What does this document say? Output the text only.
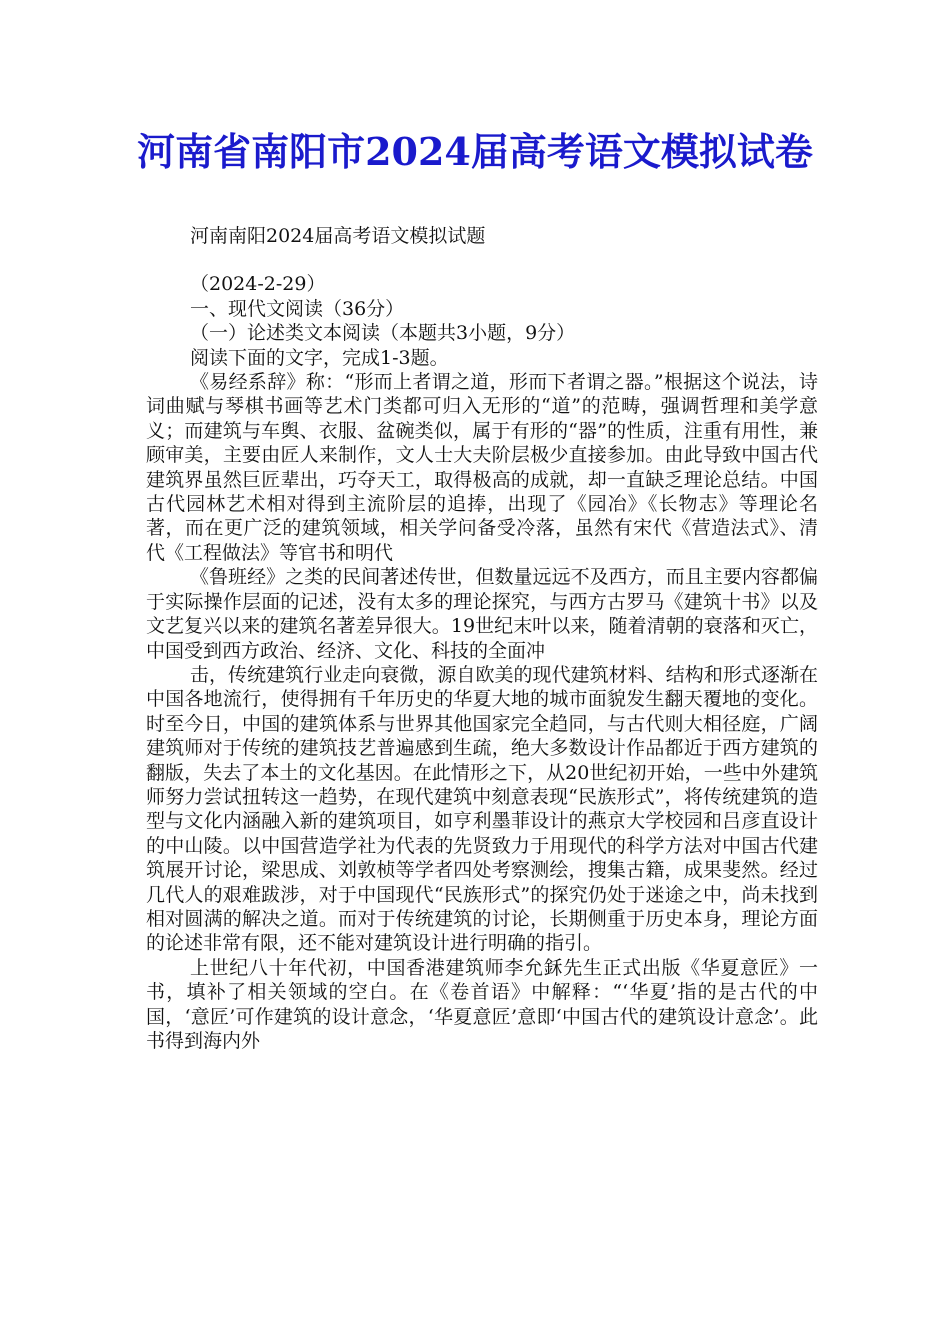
河南省南阳市2024届高考语文模拟试卷

河南南阳2024届高考语文模拟试题

（2024-2-29）

一、现代文阅读（36分）

（一）论述类文本阅读（本题共3小题，9分）

阅读下面的文字，完成1-3题。

《易经系辞》称：“形而上者谓之道，形而下者谓之器。”根据这个说法，诗词曲赋与琴棋书画等艺术门类都可归入无形的“道”的范畴，强调哲理和美学意义；而建筑与车舆、衣服、盆碗类似，属于有形的“器”的性质，注重有用性，兼顾审美，主要由匠人来制作，文人士大夫阶层极少直接参加。由此导致中国古代建筑界虽然巨匠辈出，巧夺天工，取得极高的成就，却一直缺乏理论总结。中国古代园林艺术相对得到主流阶层的追捧，出现了《园冶》《长物志》等理论名著，而在更广泛的建筑领域，相关学问备受冷落，虽然有宋代《营造法式》、清代《工程做法》等官书和明代

《鲁班经》之类的民间著述传世，但数量远远不及西方，而且主要内容都偏于实际操作层面的记述，没有太多的理论探究，与西方古罗马《建筑十书》以及文艺复兴以来的建筑名著差异很大。19世纪末叶以来，随着清朝的衰落和灭亡，中国受到西方政治、经济、文化、科技的全面冲

击，传统建筑行业走向衰微，源自欧美的现代建筑材料、结构和形式逐渐在中国各地流行，使得拥有千年历史的华夏大地的城市面貌发生翻天覆地的变化。时至今日，中国的建筑体系与世界其他国家完全趋同，与古代则大相径庭，广阔建筑师对于传统的建筑技艺普遍感到生疏，绝大多数设计作品都近于西方建筑的翻版，失去了本土的文化基因。在此情形之下，从20世纪初开始，一些中外建筑师努力尝试扭转这一趋势，在现代建筑中刻意表现“民族形式”，将传统建筑的造型与文化内涵融入新的建筑项目，如亨利墨菲设计的燕京大学校园和吕彦直设计的中山陵。以中国营造学社为代表的先贤致力于用现代的科学方法对中国古代建筑展开讨论，梁思成、刘敦桢等学者四处考察测绘，搜集古籍，成果斐然。经过几代人的艰难跋涉，对于中国现代“民族形式”的探究仍处于迷途之中，尚未找到相对圆满的解决之道。而对于传统建筑的讨论，长期侧重于历史本身，理论方面的论述非常有限，还不能对建筑设计进行明确的指引。

上世纪八十年代初，中国香港建筑师李允鉌先生正式出版《华夏意匠》一书，填补了相关领域的空白。在《卷首语》中解释：“‘华夏’指的是古代的中国，‘意匠’可作建筑的设计意念，‘华夏意匠’意即‘中国古代的建筑设计意念’。此书得到海内外
